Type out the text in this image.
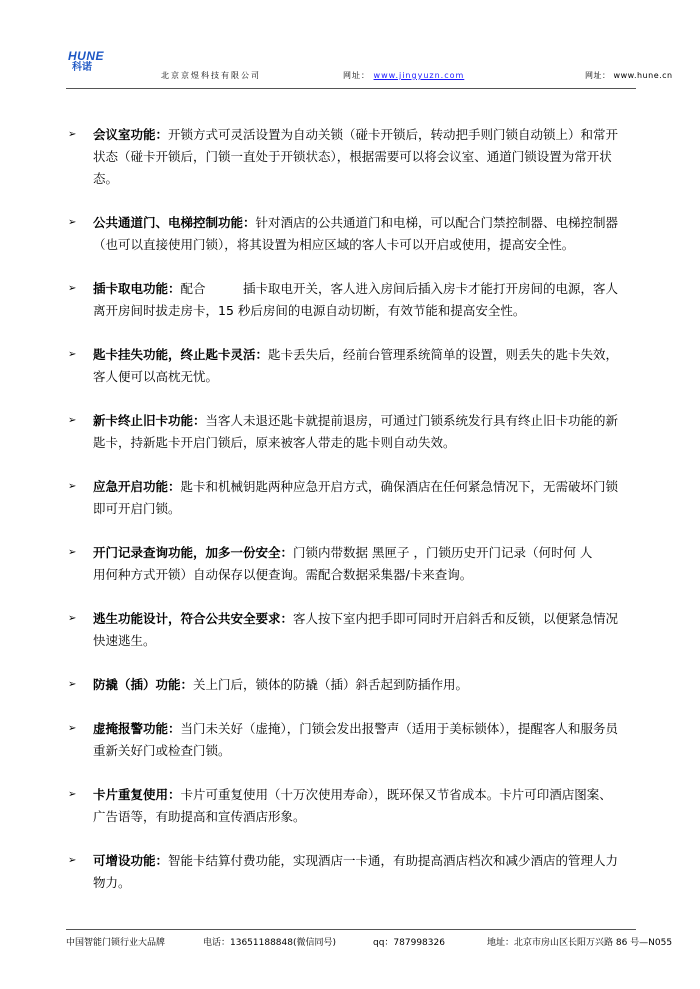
HUNE
科诺
北京京煜科技有限公司	网址： www.jingyuzn.com	网址： www.hune.cn
➢ 会议室功能：开锁方式可灵活设置为自动关锁（碰卡开锁后，转动把手则门锁自动锁上）和常开
状态（碰卡开锁后，门锁一直处于开锁状态），根据需要可以将会议室、通道门锁设置为常开状
态。
➢ 公共通道门、电梯控制功能：针对酒店的公共通道门和电梯，可以配合门禁控制器、电梯控制器
（也可以直接使用门锁），将其设置为相应区域的客人卡可以开启或使用，提高安全性。
➢ 插卡取电功能：配合　　　插卡取电开关，客人进入房间后插入房卡才能打开房间的电源，客人
离开房间时拔走房卡，15 秒后房间的电源自动切断，有效节能和提高安全性。
➢ 匙卡挂失功能，终止匙卡灵活：匙卡丢失后，经前台管理系统简单的设置，则丢失的匙卡失效，
客人便可以高枕无忧。
➢ 新卡终止旧卡功能：当客人未退还匙卡就提前退房，可通过门锁系统发行具有终止旧卡功能的新
匙卡，持新匙卡开启门锁后，原来被客人带走的匙卡则自动失效。
➢ 应急开启功能：匙卡和机械钥匙两种应急开启方式，确保酒店在任何紧急情况下，无需破坏门锁
即可开启门锁。
➢ 开门记录查询功能，加多一份安全：门锁内带数据 黑匣子 ，门锁历史开门记录（何时何 人
用何种方式开锁）自动保存以便查询。需配合数据采集器/卡来查询。
➢ 逃生功能设计，符合公共安全要求：客人按下室内把手即可同时开启斜舌和反锁，以便紧急情况
快速逃生。
➢ 防撬（插）功能：关上门后，锁体的防撬（插）斜舌起到防插作用。
➢ 虚掩报警功能：当门未关好（虚掩），门锁会发出报警声（适用于美标锁体），提醒客人和服务员
重新关好门或检查门锁。
➢ 卡片重复使用：卡片可重复使用（十万次使用寿命），既环保又节省成本。卡片可印酒店图案、
广告语等，有助提高和宣传酒店形象。
➢ 可增设功能：智能卡结算付费功能，实现酒店一卡通，有助提高酒店档次和减少酒店的管理人力
物力。
中国智能门锁行业大品牌	电话：13651188848(微信同号)	qq：787998326	地址：北京市房山区长阳万兴路 86 号—N055
